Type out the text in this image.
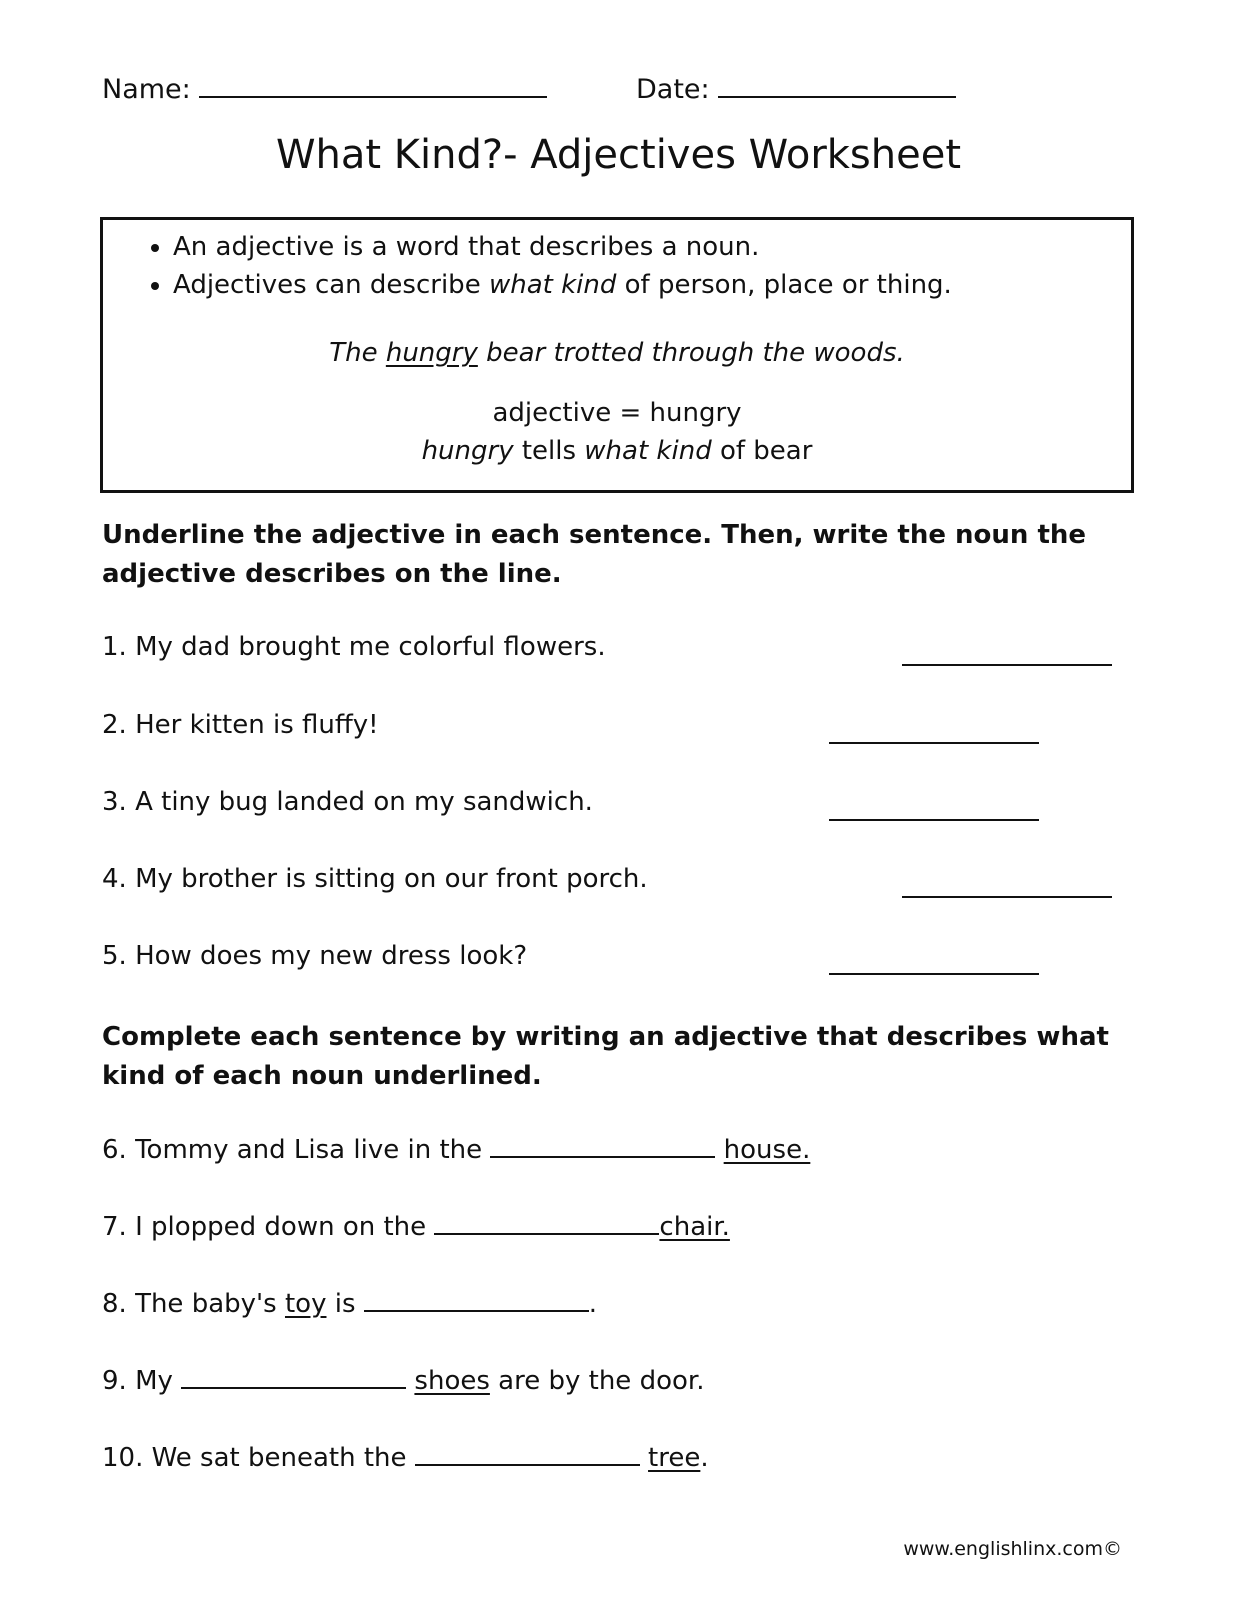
Name:	Date:
What Kind?- Adjectives Worksheet
• An adjective is a word that describes a noun.
• Adjectives can describe what kind of person, place or thing.
The hungry bear trotted through the woods.
adjective = hungry
hungry tells what kind of bear
Underline the adjective in each sentence. Then, write the noun the adjective describes on the line.
1. My dad brought me colorful flowers.
2. Her kitten is fluffy!
3. A tiny bug landed on my sandwich.
4. My brother is sitting on our front porch.
5. How does my new dress look?
Complete each sentence by writing an adjective that describes what kind of each noun underlined.
6. Tommy and Lisa live in the	house.
7. I plopped down on the	chair.
8. The baby's toy is	.
9. My	shoes are by the door.
10. We sat beneath the	tree.
www.englishlinx.com©
